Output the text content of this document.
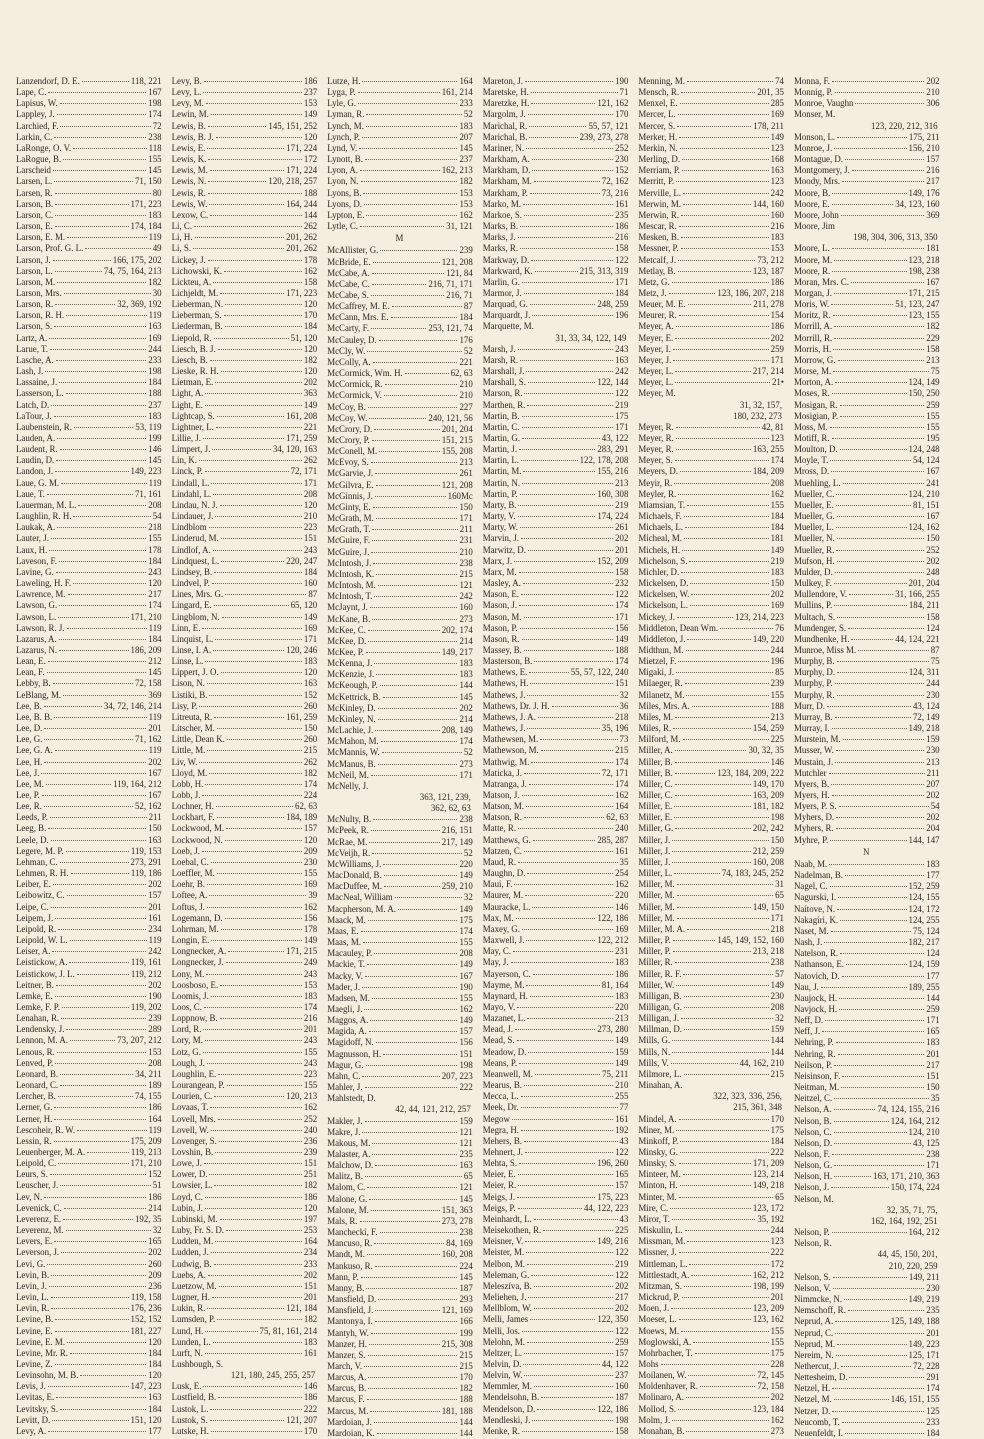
Lanzendorf, D. E.	118, 221
Lape, C.	167
Lapisus, W.	198
Lappley, J.	174
Larchied, F.	72
Larkin, C.	238
LaRonge, O. V.	118
LaRogue, B.	155
Larscheid	145
Larsen, L.	71, 150
Larsen, R.	80
Larson, B.	171, 223
Larson, C.	183
Larson, E.	174, 184
Larson, E. M.	119
Larson, Prof. G. L.	49
Larson, J.	166, 175, 202
Larson, L.	74, 75, 164, 213
Larson, M.	182
Larson, Mrs.	30
Larson, R.	32, 369, 192
Larson, R. H.	119
Larson, S.	163
Lartz, A.	169
Larue, T.	244
Lasche, A.	233
Lash, J.	198
Lassaine, J.	184
Lasserson, L.	188
Latch, D.	237
LaTour, J.	183
Laubenstein, R.	53, 119
Lauden, A.	199
Laudent, R.	146
Laudin, D.	145
Landon, J.	149, 223
Laue, G. M.	119
Laue, T.	71, 161
Lauerman, M. L.	208
Laughlin, R. H.	54
Laukak, A.	218
Lauter, J.	155
Laux, H.	178
Laveson, F.	184
Lavine, G.	243
Laweling, H. F.	120
Lawrence, M.	217
Lawson, G.	174
Lawson, L.	171, 210
Lawson, R. J.	119
Lazarus, A.	184
Lazarus, N.	186, 209
Lean, E.	212
Lean, F.	145
Lebby, B.	72, 158
LeBlang, M.	369
Lee, B.	34, 72, 146, 214
Lee, B. B.	119
Lee, D.	201
Lee, G.	71, 162
Lee, G. A.	119
Lee, H.	202
Lee, J.	167
Lee, M.	119, 164, 212
Lee, P.	167
Lee, R.	52, 162
Leeds, P.	211
Leeg, B.	150
Leele, D.	163
Legere, M. P.	119, 153
Lehman, C.	273, 291
Lehmen, R. H.	119, 186
Leiber, E.	202
Leibowitz, C.	157
Leipe, C.	201
Leipem, J.	161
Leipold, R.	234
Leipold, W. L.	119
Leiser, A.	242
Leistickow, A.	119, 161
Leistickow, J. L.	119, 212
Leitner, B.	202
Lemke, E.	190
Lemke, F. P.	119, 202
Lenahan, R.	239
Lendensky, J.	289
Lennon, M. A.	73, 207, 212
Lenous, R.	153
Lenved, P.	208
Leonard, B.	34, 211
Leonard, C.	189
Lercher, B.	74, 155
Lerner, G.	186
Lerner, H.	164
Lescoheir, R. W.	119
Lessin, R.	175, 209
Leuenberger, M. A.	119, 213
Leipold, C.	171, 210
Leurs, S.	152
Leuscher, J.	51
Lev, N.	186
Levenick, C.	214
Leverenz, E.	192, 35
Leverenz, M.	32
Levers, E.	165
Leverson, J.	202
Levi, G.	260
Levin, B.	209
Levin, J.	236
Levin, L.	119, 158
Levin, R.	176, 236
Levine, B.	152, 152
Levine, E.	181, 227
Levine, E. M.	120
Levine, Mr. R.	184
Levine, Z.	184
Levinsohn, M. B.	120
Levis, J.	147, 223
Levitas, E.	163
Levitsky, S.	184
Levitt, D.	151, 120
Levy, A.	177
Levy, B.	186
Levy, L.	237
Levy, M.	153
Lewin, M.	149
Lewis, B.	145, 151, 252
Lewis, B. J.	120
Lewis, E.	171, 224
Lewis, K.	172
Lewis, M.	171, 224
Lewis, N.	120, 218, 257
Lewis, R.	188
Lewis, W.	164, 244
Lexow, C.	144
Li, C.	262
Li, H.	201, 262
Li, S.	201, 262
Lickey, J.	178
Lichowski, K.	162
Lickteu, A.	158
Lichjeldt, M.	171, 223
Lieberman, N.	120
Lieberman, S.	170
Liederman, B.	184
Liepold, R.	51, 120
Liesch, B. J.	120
Liesch, B.	182
Lieske, R. H.	120
Lietman, E.	202
Light, A.	363
Light, E.	149
Lightcap, S.	161, 208
Lightner, L.	221
Lillie, J.	171, 259
Limpert, J.	34, 120, 163
Lin, K.	262
Linck, P.	72, 171
Lindall, L.	171
Lindahl, L.	208
Lindau, N. J.	120
Lindauer, J.	210
Lindblom	223
Linderud, M.	151
Lindlof, A.	243
Lindquest, L.	220, 247
Lindsey, B.	184
Lindvel, P.	160
Lines, Mrs. G.	87
Lingard, E.	65, 120
Lingblom, N.	149
Linn, E.	169
Linquist, L.	171
Linse, I. A.	120, 246
Linse, L.	183
Lippert, J. O.	120
Lison, N.	163
Listiki, B.	152
Lisy, P.	260
Litreuta, R.	161, 259
Litscher, M.	150
Little, Dean K.	260
Little, M.	215
Liv, W.	262
Lloyd, M.	182
Lobb, H.	174
Lobb, J.	224
Lochner, H.	62, 63
Lockhart, F.	184, 189
Lockwood, M.	157
Lockwood, N.	120
Loeb, J.	209
Loebal, C.	230
Loeffler, M.	155
Loehr, B.	169
Loftee, A.	39
Loftus, J.	162
Logemann, D.	156
Lohrman, M.	178
Longin, E.	149
Longnecker, A.	171, 215
Longnecker, J.	249
Lony, M.	243
Loosboso, E.	153
Loomis, J.	183
Loos, C.	174
Loppnow, B.	216
Lord, R.	201
Lory, M.	243
Lotz, G.	155
Lough, J.	243
Loughlin, E.	223
Lourangean, P.	155
Lourien, C.	120, 213
Lovaas, T.	162
Lovell, Mrs.	252
Lovell, W.	240
Lovenger, S.	236
Lovshin, B.	239
Lowe, J.	151
Lower, D.	251
Lowsier, L.	182
Loyd, C.	186
Lubin, J.	120
Lubinski, M.	197
Luby, Fr. S. D.	253
Ludden, M.	164
Ludden, J.	234
Ludwig, B.	233
Luebs, A.	202
Luetzow, M.	151
Lugner, H.	201
Lukin, R.	121, 184
Lumsden, P.	182
Lund, H.	75, 81, 161, 214
Lunden, L.	183
Lurft, N.	161
Lushbough, S.
121, 180, 245, 255, 257
Lusk, E.	146
Lustfield, B.	186
Lustok, L.	222
Lustok, S.	121, 207
Lutske, H.	170
Lutze, H.	164
Lyga, P.	161, 214
Lyle, G.	233
Lyman, R.	52
Lynch, M.	183
Lynch, P.	207
Lynd, V.	145
Lynott, B.	237
Lyon, A.	162, 213
Lyon, N.	182
Lyons, B.	153
Lyons, D.	153
Lypton, E.	162
Lytle, C.	31, 121
M
McAllister, G.	239
McBride, E.	121, 208
McCabe, A.	121, 84
McCabe, C.	216, 71, 171
McCabe, S.	216, 71
McCaffrey, M. E.	87
McCann, Mrs. E.	184
McCarty, F.	253, 121, 74
McCauley, D.	176
McCly, W.	52
McColly, A.	221
McCormick, Wm. H.	62, 63
McCormick, R.	210
McCormick, V.	210
McCoy, B.	227
McCoy, W.	240, 121, 56
McCrory, D.	201, 204
McCrory, P.	151, 215
McConell, M.	155, 208
McEvoy, S.	213
McGarvie, J.	261
McGilvra, E.	121, 208
McGinnis, J.	160Mc
McGinty, E.	150
McGrath, M.	171
McGrath, T.	211
McGuire, F.	231
McGuire, J.	210
McIntosh, J.	238
McIntosh, K.	215
McIntosh, M.	121
McIntosh, T.	242
McJaynt, J.	160
McKane, B.	273
McKee, C.	202, 174
McKee, D.	214
McKee, P.	149, 217
McKenna, J.	183
McKenzie, J.	183
McKeough, P.	144
McKettrick, B.	145
McKinley, D.	202
McKinley, N.	214
McLachie, J.	208, 149
McMahon, M.	174
McMannis, W.	52
McManus, B.	273
McNeil, M.	171
McNelly, J.
363, 121, 239,
362, 62, 63
McNulty, B.	238
McPeek, R.	216, 151
McRae, M.	217, 149
McVeijh, R.	52
McWilliams, J.	220
MacDonald, B.	149
MacDuffee, M.	259, 210
MacNeal, William	32
Macpherson, M. A.	149
Maack, M.	175
Maas, E.	174
Maas, M.	155
Macauley, P.	208
Mackie, T.	149
Macky, V.	167
Mader, J.	190
Madsen, M.	155
Maegli, J.	162
Maggos, A.	149
Magida, A.	157
Magidoff, N.	156
Magnusson, H.	151
Magur, G.	198
Mahn, C.	207, 223
Mahler, J.	222
Mahlstedt, D.
42, 44, 121, 212, 257
Makler, J.	159
Makre, J.	121
Makous, M.	121
Malaster, A.	235
Malchow, D.	163
Malitz, B.	65
Malom, C.	121
Malone, G.	145
Malone, M.	151, 363
Mals, R.	273, 278
Manchecki, F.	238
Mancuso, R.	84, 169
Mandt, M.	160, 208
Mankuso, R.	224
Mann, P.	145
Manny, B.	187
Mansfield, D.	293
Mansfield, J.	121, 169
Mantonya, I.	166
Mantyh, W.	199
Manzer, H.	215, 308
Manzer, S.	215
March, V.	215
Marcus, A.	170
Marcus, B.	182
Marcus, F.	188
Marcus, M.	181, 188
Mardoian, J.	144
Mardoian, K.	144
Mareton, J.	190
Maretske, H.	71
Maretzke, H.	121, 162
Margolm, J.	170
Marichal, R.	55, 57, 121
Marichal, B.	239, 273, 278
Mariner, N.	252
Markham, A.	230
Markham, D.	152
Markham, M.	72, 162
Markham, P.	73, 216
Marko, M.	161
Markoe, S.	235
Marks, B.	186
Marks, J.	216
Marks, R.	158
Markway, D.	122
Markward, K.	215, 313, 319
Marlin, G.	171
Marmor, J.	184
Marquad, G.	248, 259
Marquardt, J.	196
Marquette, M.
31, 33, 34, 122, 149
Marsh, J.	243
Marsh, R.	163
Marshall, J.	242
Marshall, S.	122, 144
Marson, R.	122
Marthen, R.	219
Martin, B.	175
Martin, C.	171
Martin, G.	43, 122
Martin, J.	283, 291
Martin, L.	122, 178, 208
Martin, M.	155, 216
Martin, N.	213
Martin, P.	160, 308
Marty, B.	219
Marty, V.	174, 224
Marty, W.	261
Marvin, J.	202
Marwitz, D.	201
Marx, J.	152, 209
Marx, M.	158
Masley, A.	232
Mason, E.	122
Mason, J.	174
Mason, M.	171
Mason, P.	156
Mason, R.	149
Massey, B.	188
Masterson, B.	174
Mathews, E.	55, 57, 122, 240
Mathews, H.	151
Mathews, J.	32
Mathews, Dr. J. H.	36
Mathews, J. A.	218
Mathews, J.	35, 196
Mathewsen, M.	73
Mathewson, M.	215
Mathwig, M.	174
Maticka, J.	72, 171
Matranga, J.	174
Matson, J.	162
Matson, M.	164
Matson, R.	62, 63
Matte, R.	240
Matthews, G.	285, 287
Matzen, C.	161
Maud, R.	35
Maughn, D.	254
Maui, F.	162
Maurer, M.	220
Mauracke, L.	146
Max, M.	122, 186
Maxey, G.	169
Maxwell, J.	122, 212
May, C.	231
May, J.	183
Mayerson, C.	186
Mayme, M.	81, 164
Maynard, H.	183
Mayo, V.	220
Mazanet, L.	213
Mead, J.	273, 280
Mead, S.	149
Meadow, D.	159
Means, P.	149
Meanwell, M.	75, 211
Mearus, B.	210
Mecca, L.	255
Meek, Dr.	77
Megow	161
Megra, H.	192
Mehers, B.	43
Mehnert, J.	122
Mehta, S.	196, 260
Meier, E.	165
Meier, R.	157
Meigs, J.	175, 223
Meigs, P.	44, 122, 223
Meinhardt, L.	43
Meisekothen, R.	225
Meisner, V.	149, 216
Meister, M.	122
Melbon, M.	219
Meleman, G.	122
Meleszíva, B.	202
Meliehen, J.	217
Mellblom, W.	202
Melli, James	122, 350
Melli, Jos.	122
Melohn, M.	259
Meltzer, L.	157
Melvin, D.	44, 122
Melvin, W.	237
Memmler, M.	160
Mendelsohn, B.	187
Mendelson, D.	122, 186
Mendleski, J.	198
Menke, R.	158
Menning, M.	74
Mensch, R.	201, 35
Menxel, E.	285
Mercer, L.	169
Mercer, S.	178, 211
Merker, H.	149
Merkin, N.	123
Merling, D.	168
Merriam, P.	163
Merritt, P.	123
Merville, L.	242
Merwin, M.	144, 160
Merwin, R.	160
Mescar, R.	216
Mesken, B.	183
Messner, P.	153
Metcalf, J.	73, 212
Metlay, B.	123, 187
Metz, G.	186
Metz, J.	123, 186, 207, 218
Meuer, M. E.	211, 278
Meurer, R.	154
Meyer, A.	186
Meyer, E.	202
Meyer, I.	259
Meyer, J.	171
Meyer, L.	217, 214
Meyer, L.	21•
Meyer, M.
31, 32, 157,
180, 232, 273
Meyer, R.	42, 81
Meyer, R.	123
Meyer, R.	163, 255
Meyer, S.	174
Meyers, D.	184, 209
Meyir, R.	208
Meyler, R.	162
Miamsian, T.	155
Michaels, F.	184
Michaels, L.	184
Micheal, M.	181
Michels, H.	149
Michelson, S.	219
Michler, D.	183
Mickelsen, D.	150
Mickelsen, W.	202
Mickelson, L.	169
Mickey, J.	123, 214, 223
Middleton, Dean Wm.	76
Middleton, J.	149, 220
Midthun, M.	244
Mietzel, F.	196
Migaki, J.	85
Milaeger, R.	239
Milanetz, M.	155
Miles, Mrs. A.	188
Miles, M.	213
Miles, R.	154, 259
Milford, M.	225
Miller, A.	30, 32, 35
Miller, B.	146
Miller, B.	123, 184, 209, 222
Miller, C.	149, 170
Miller, C.	163, 209
Miller, E.	181, 182
Miller, E.	198
Miller, G.	202, 242
Miller, J.	150
Miller, J.	212, 259
Miller, J.	160, 208
Miller, L.	74, 183, 245, 252
Miller, M.	31
Miller, M.	65
Miller, M.	149, 150
Miller, M.	171
Miller, M. A.	218
Miller, P.	145, 149, 152, 160
Miller, P.	213, 218
Miller, R.	238
Miller, R. F.	57
Miller, W.	149
Milligan, B.	230
Milligan, G.	208
Milligan, J.	32
Millman, D.	159
Mills, G.	144
Mills, N.	144
Mills, V.	44, 162, 210
Milmore, L.	215
Minahan, A.
322, 323, 336, 256,
215, 361, 348
Mindel, A.	170
Miner, M.	175
Minkoff, P.	184
Minsky, G.	222
Minsky, S.	171, 209
Minteer, M.	123, 214
Minton, H.	149, 218
Minter, M.	65
Mire, C.	123, 172
Miror, T.	35, 192
Miskulin, L.	244
Missman, M.	123
Missner, J.	222
Mittleman, L.	172
Mittlestadt, A.	162, 212
Mitzman, S.	198, 199
Mickrud, P.	201
Moen, J.	123, 209
Moeser, L.	123, 162
Moews, M.	155
Moglowski, A.	155
Mohrbacher, T.	175
Mohs	228
Moilanen, W.	72, 145
Moldenhaver, R.	72, 158
Molinaro, A.	202
Mollod, S.	123, 184
Molm, J.	162
Monahan, B.	273
Monna, F.	202
Monnig, P.	210
Monroe, Vaughn	306
Monser, M.
123, 220, 212, 316
Monson, L.	175, 211
Monroe, J.	156, 210
Montague, D.	157
Montgomery, J.	216
Moody, Mrs.	217
Moore, B.	149, 176
Moore, E.	34, 123, 160
Moore, John	369
Moore, Jim
198, 304, 306, 313, 350
Moore, L.	181
Moore, M.	123, 218
Moore, R.	198, 238
Moran, Mrs. C.	167
Morgan, J.	171, 215
Moris, W.	51, 123, 247
Moritz, R.	123, 155
Morrill, A.	182
Morrill, R.	229
Morris, H.	158
Morrow, G.	213
Morse, M.	75
Morton, A.	124, 149
Moses, R.	150, 250
Mosigan, R.	259
Mosigian, P.	155
Moss, M.	155
Motiff, R.	195
Moulton, D.	124, 248
Moyle, T.	54, 124
Mross, D.	167
Muehling, L.	241
Mueller, C.	124, 210
Mueller, E.	81, 151
Mueller, G.	167
Mueller, L.	124, 162
Mueller, N.	150
Mueller, R.	252
Mufson, H.	202
Mulder, D.	248
Mulkey, F.	201, 204
Mullendore, V.	31, 166, 255
Mullins, P.	184, 211
Multach, S.	158
Mundenger, S.	124
Mundhenke, H.	44, 124, 221
Munroe, Miss M.	87
Murphy, B.	75
Murphy, D.	124, 311
Murphy, P.	244
Murphy, R.	230
Murr, D.	43, 124
Murray, B.	72, 149
Murray, I.	149, 218
Murstein, M.	159
Musser, W.	230
Mustain, J.	213
Mutchler	211
Myers, B.	207
Myers, H.	202
Myers, P. S.	54
Myhers, D.	202
Myhers, R.	204
Myhre, P.	144, 147
N
Naab, M.	183
Nadelman, B.	177
Nagel, C.	152, 259
Nagurski, I.	124, 155
Naitove, N.	124, 172
Nakagiri, K.	124, 255
Naset, M.	75, 124
Nash, J.	182, 217
Natelson, R.	124
Nathanson, E.	124, 159
Natovich, D.	177
Nau, J.	189, 255
Naujock, H.	144
Navjock, H.	259
Neff, D.	171
Neff, J.	165
Nehring, P.	183
Nehring, R.	201
Neilson, P.	217
Neisinson, F.	151
Neitman, M.	150
Neitzel, C.	35
Nelson, A.	74, 124, 155, 216
Nelson, B.	124, 164, 212
Nelson, C.	124, 210
Nelson, D.	43, 125
Nelson, F.	238
Nelson, G.	171
Nelson, H.	163, 171, 210, 363
Nelson, J.	150, 174, 224
Nelson, M.
32, 35, 71, 75,
162, 164, 192, 251
Nelson, P.	164, 212
Nelson, R.
44, 45, 150, 201,
210, 220, 259
Nelson, S.	149, 211
Nelson, V.	230
Nimmcke, N.	149, 219
Nemschoff, R.	235
Neprud, A.	125, 149, 188
Neprud, C.	201
Neprud, M.	149, 223
Nereim, N.	125, 171
Nethercut, J.	72, 228
Nettesheim, D.	291
Netzel, H.	174
Netzel, M.	146, 151, 155
Netzer, D.	125
Neucomb, T.	233
Neuenfeldt, I.	184
